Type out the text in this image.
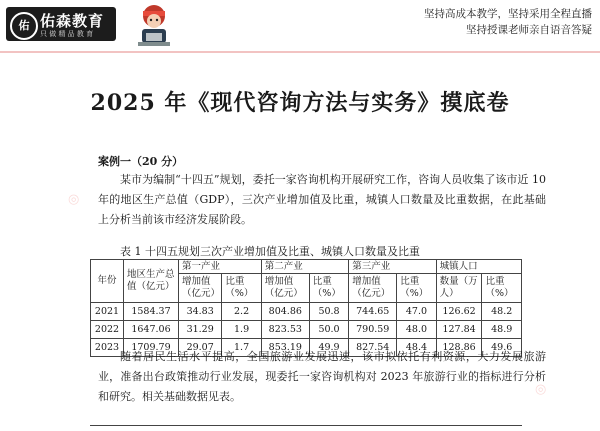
佑 佑森教育
只 做 精 品 教 育
坚持高成本教学，坚持采用全程直播
坚持授课老师亲自语音答疑
◎
◎
2025 年《现代咨询方法与实务》摸底卷
案例一（20 分）
某市为编制“十四五”规划，委托一家咨询机构开展研究工作，咨询人员收集了该市近 10 年的地区生产总值（GDP），三次产业增加值及比重，城镇人口数量及比重数据，在此基础上分析当前该市经济发展阶段。
表 1 十四五规划三次产业增加值及比重、城镇人口数量及比重
年份	地区生产总值（亿元）	第一产业		第二产业		第三产业		城镇人口	
		增加值（亿元）	比重（%）	增加值（亿元）	比重（%）	增加值（亿元）	比重（%）	数量（万人）	比重（%）
2021	1584.37	34.83	2.2	804.86	50.8	744.65	47.0	126.62	48.2
2022	1647.06	31.29	1.9	823.53	50.0	790.59	48.0	127.84	48.9
2023	1709.79	29.07	1.7	853.19	49.9	827.54	48.4	128.86	49.6
随着居民生活水平提高，全国旅游业发展迅速，该市拟依托有利资源，大力发展旅游业，准备出台政策推动行业发展，现委托一家咨询机构对 2023 年旅游行业的指标进行分析和研究。相关基础数据见表。
